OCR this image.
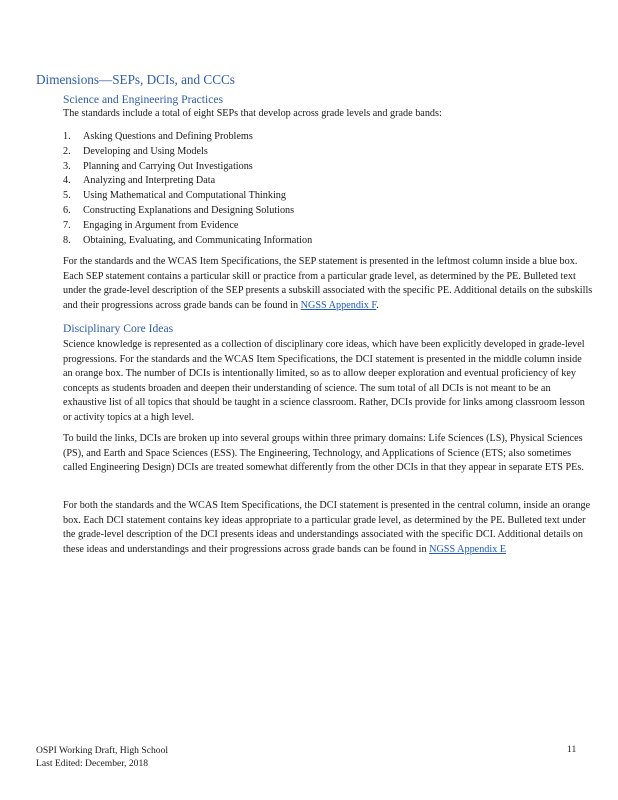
Dimensions—SEPs, DCIs, and CCCs
Science and Engineering Practices
The standards include a total of eight SEPs that develop across grade levels and grade bands:
1. Asking Questions and Defining Problems
2. Developing and Using Models
3. Planning and Carrying Out Investigations
4. Analyzing and Interpreting Data
5. Using Mathematical and Computational Thinking
6. Constructing Explanations and Designing Solutions
7. Engaging in Argument from Evidence
8. Obtaining, Evaluating, and Communicating Information
For the standards and the WCAS Item Specifications, the SEP statement is presented in the leftmost column inside a blue box. Each SEP statement contains a particular skill or practice from a particular grade level, as determined by the PE. Bulleted text under the grade‑level description of the SEP presents a subskill associated with the specific PE. Additional details on the subskills and their progressions across grade bands can be found in NGSS Appendix F.
Disciplinary Core Ideas
Science knowledge is represented as a collection of disciplinary core ideas, which have been explicitly developed in grade‑level progressions. For the standards and the WCAS Item Specifications, the DCI statement is presented in the middle column inside an orange box. The number of DCIs is intentionally limited, so as to allow deeper exploration and eventual proficiency of key concepts as students broaden and deepen their understanding of science. The sum total of all DCIs is not meant to be an exhaustive list of all topics that should be taught in a science classroom. Rather, DCIs provide for links among classroom lesson or activity topics at a high level.
To build the links, DCIs are broken up into several groups within three primary domains: Life Sciences (LS), Physical Sciences (PS), and Earth and Space Sciences (ESS). The Engineering, Technology, and Applications of Science (ETS; also sometimes called Engineering Design) DCIs are treated somewhat differently from the other DCIs in that they appear in separate ETS PEs.
For both the standards and the WCAS Item Specifications, the DCI statement is presented in the central column, inside an orange box. Each DCI statement contains key ideas appropriate to a particular grade level, as determined by the PE. Bulleted text under the grade‑level description of the DCI presents ideas and understandings associated with the specific DCI. Additional details on these ideas and understandings and their progressions across grade bands can be found in NGSS Appendix E
OSPI Working Draft, High School
Last Edited: December, 2018
11
